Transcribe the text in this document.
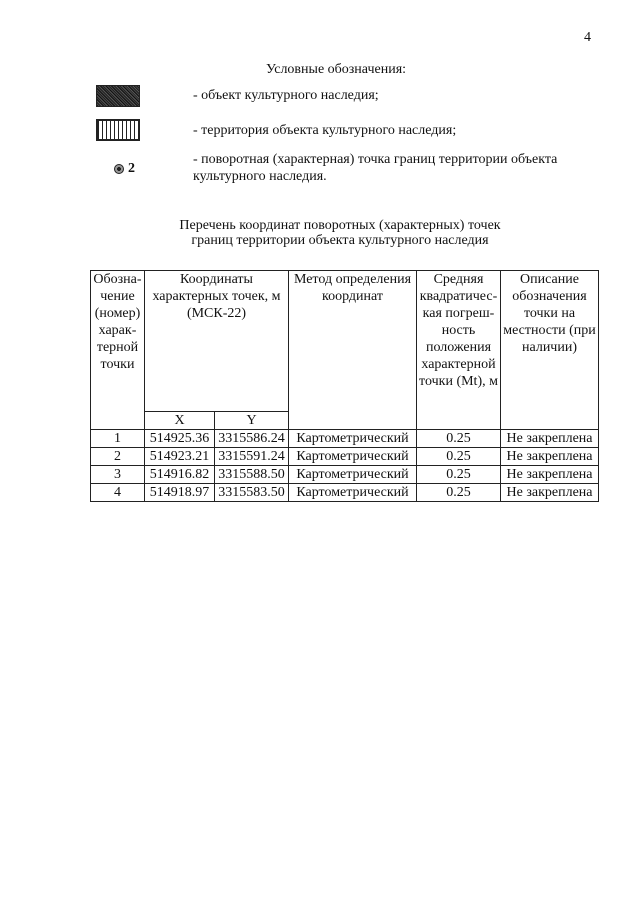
4
Условные обозначения:
- объект культурного наследия;
- территория объекта культурного наследия;
2
- поворотная (характерная) точка границ территории объекта культурного наследия.
Перечень координат поворотных (характерных) точек
границ территории объекта культурного наследия
Обозначение (номер) характерной точки	Координаты характерных точек, м (МСК-22)		Метод определения координат	Средняя квадратическая погрешность положения характерной точки (Mt), м	Описание обозначения точки на местности (при наличии)
	X	Y			
1	514925.36	3315586.24	Картометрический	0.25	Не закреплена
2	514923.21	3315591.24	Картометрический	0.25	Не закреплена
3	514916.82	3315588.50	Картометрический	0.25	Не закреплена
4	514918.97	3315583.50	Картометрический	0.25	Не закреплена
